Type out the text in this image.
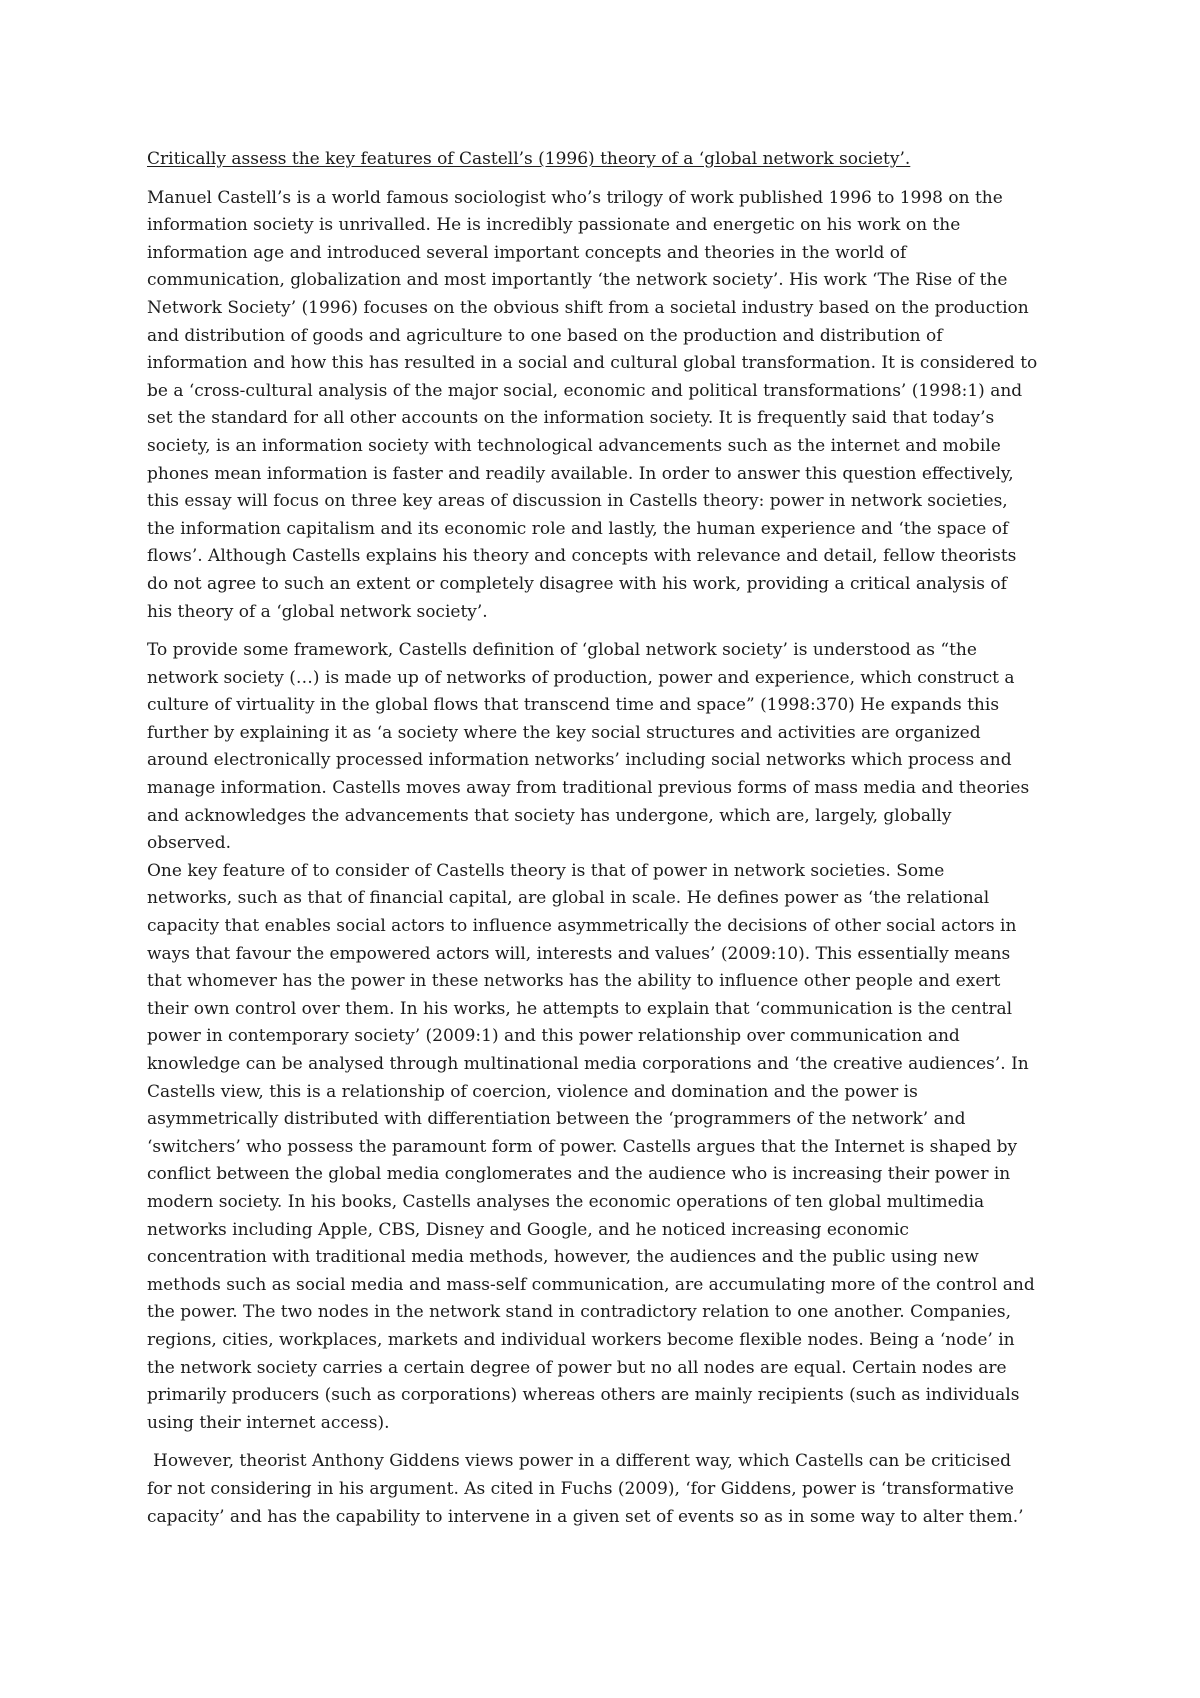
Critically assess the key features of Castell’s (1996) theory of a ‘global network society’.

Manuel Castell’s is a world famous sociologist who’s trilogy of work published 1996 to 1998 on the
information society is unrivalled. He is incredibly passionate and energetic on his work on the
information age and introduced several important concepts and theories in the world of
communication, globalization and most importantly ‘the network society’. His work ‘The Rise of the
Network Society’ (1996) focuses on the obvious shift from a societal industry based on the production
and distribution of goods and agriculture to one based on the production and distribution of
information and how this has resulted in a social and cultural global transformation. It is considered to
be a ‘cross-cultural analysis of the major social, economic and political transformations’ (1998:1) and
set the standard for all other accounts on the information society. It is frequently said that today’s
society, is an information society with technological advancements such as the internet and mobile
phones mean information is faster and readily available. In order to answer this question effectively,
this essay will focus on three key areas of discussion in Castells theory: power in network societies,
the information capitalism and its economic role and lastly, the human experience and ‘the space of
flows’. Although Castells explains his theory and concepts with relevance and detail, fellow theorists
do not agree to such an extent or completely disagree with his work, providing a critical analysis of
his theory of a ‘global network society’.

To provide some framework, Castells definition of ‘global network society’ is understood as “the
network society (…) is made up of networks of production, power and experience, which construct a
culture of virtuality in the global flows that transcend time and space” (1998:370) He expands this
further by explaining it as ‘a society where the key social structures and activities are organized
around electronically processed information networks’ including social networks which process and
manage information. Castells moves away from traditional previous forms of mass media and theories
and acknowledges the advancements that society has undergone, which are, largely, globally
observed.

One key feature of to consider of Castells theory is that of power in network societies. Some
networks, such as that of financial capital, are global in scale. He defines power as ‘the relational
capacity that enables social actors to influence asymmetrically the decisions of other social actors in
ways that favour the empowered actors will, interests and values’ (2009:10). This essentially means
that whomever has the power in these networks has the ability to influence other people and exert
their own control over them. In his works, he attempts to explain that ‘communication is the central
power in contemporary society’ (2009:1) and this power relationship over communication and
knowledge can be analysed through multinational media corporations and ‘the creative audiences’. In
Castells view, this is a relationship of coercion, violence and domination and the power is
asymmetrically distributed with differentiation between the ‘programmers of the network’ and
‘switchers’ who possess the paramount form of power. Castells argues that the Internet is shaped by
conflict between the global media conglomerates and the audience who is increasing their power in
modern society. In his books, Castells analyses the economic operations of ten global multimedia
networks including Apple, CBS, Disney and Google, and he noticed increasing economic
concentration with traditional media methods, however, the audiences and the public using new
methods such as social media and mass-self communication, are accumulating more of the control and
the power. The two nodes in the network stand in contradictory relation to one another. Companies,
regions, cities, workplaces, markets and individual workers become flexible nodes. Being a ‘node’ in
the network society carries a certain degree of power but no all nodes are equal. Certain nodes are
primarily producers (such as corporations) whereas others are mainly recipients (such as individuals
using their internet access).

However, theorist Anthony Giddens views power in a different way, which Castells can be criticised
for not considering in his argument. As cited in Fuchs (2009), ‘for Giddens, power is ‘transformative
capacity’ and has the capability to intervene in a given set of events so as in some way to alter them.’
